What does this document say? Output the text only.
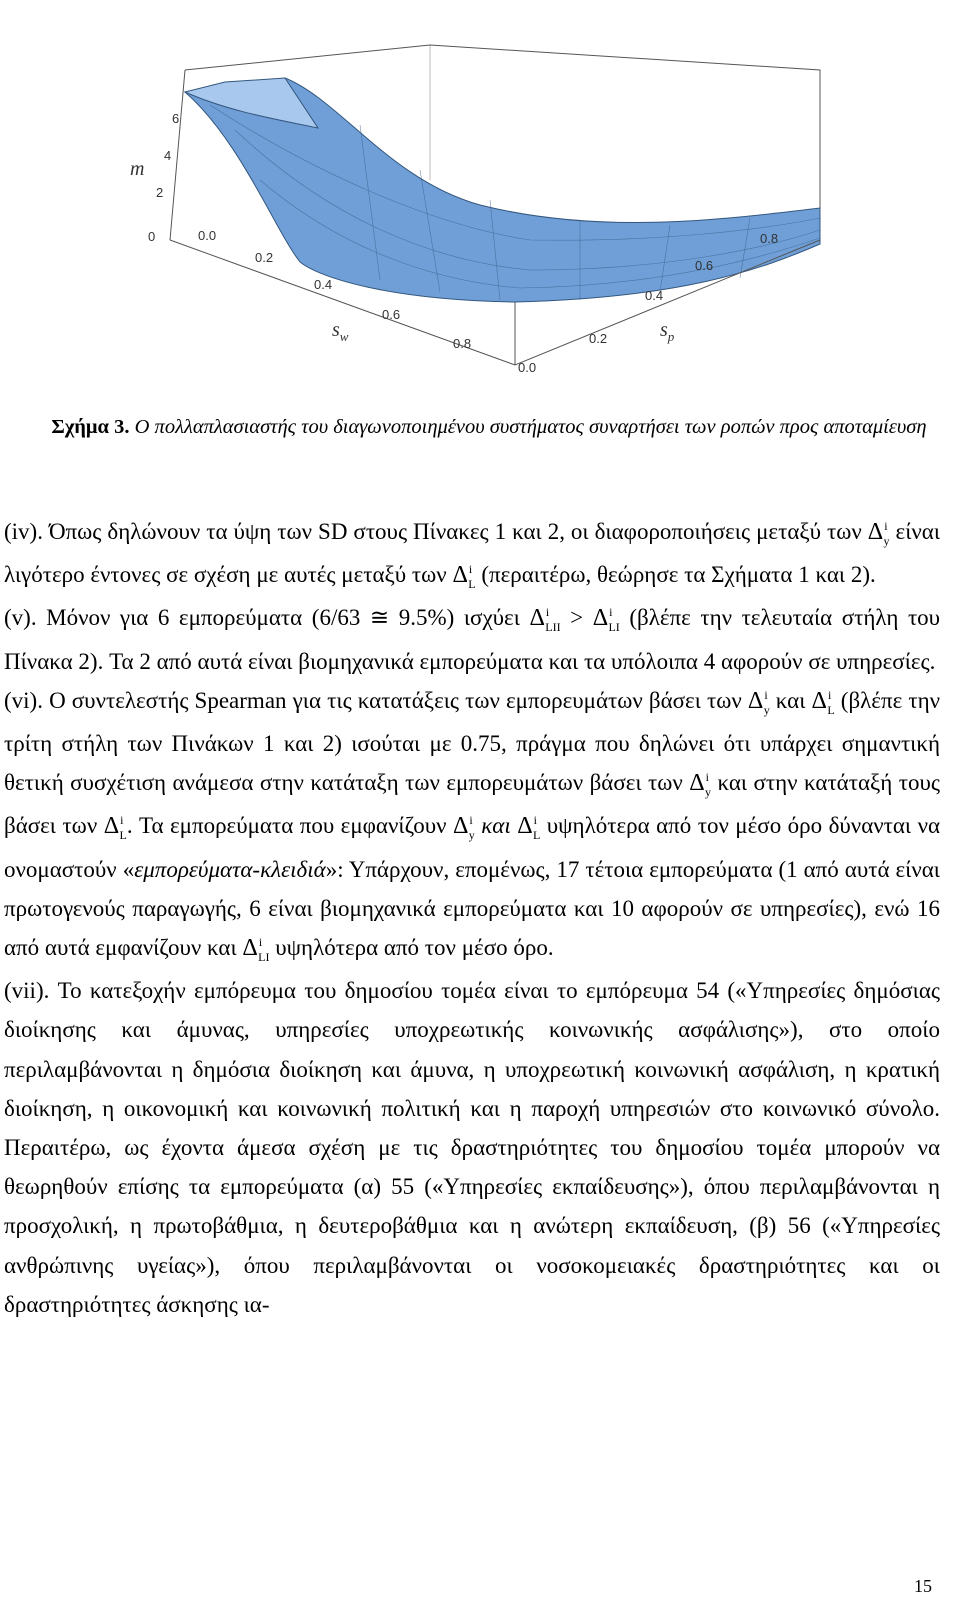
0
2
4
6
m
0.0
0.2
0.4
0.6
0.8
$s_w$
0.0
0.2
0.4
0.6
0.8
$s_p$
Σχήμα 3. Ο πολλαπλασιαστής του διαγωνοποιημένου συστήματος συναρτήσει των ροπών προς αποταμίευση

(iv). Όπως δηλώνουν τα ύψη των SD στους Πίνακες 1 και 2, οι διαφοροποιήσεις μεταξύ των $\Delta^i_y$ είναι λιγότερο έντονες σε σχέση με αυτές μεταξύ των $\Delta^i_L$ (περαιτέρω, θεώρησε τα Σχήματα 1 και 2).

(v). Μόνον για 6 εμπορεύματα (6/63 ≅ 9.5%) ισχύει $\Delta^i_{LII} > \Delta^i_{LI}$ (βλέπε την τελευταία στήλη του Πίνακα 2). Τα 2 από αυτά είναι βιομηχανικά εμπορεύματα και τα υπόλοιπα 4 αφορούν σε υπηρεσίες.

(vi). Ο συντελεστής Spearman για τις κατατάξεις των εμπορευμάτων βάσει των $\Delta^i_y$ και $\Delta^i_L$ (βλέπε την τρίτη στήλη των Πινάκων 1 και 2) ισούται με 0.75, πράγμα που δηλώνει ότι υπάρχει σημαντική θετική συσχέτιση ανάμεσα στην κατάταξη των εμπορευμάτων βάσει των $\Delta^i_y$ και στην κατάταξή τους βάσει των $\Delta^i_L$. Τα εμπορεύματα που εμφανίζουν $\Delta^i_y$ και $\Delta^i_L$ υψηλότερα από τον μέσο όρο δύνανται να ονομαστούν «εμπορεύματα-κλειδιά»: Υπάρχουν, επομένως, 17 τέτοια εμπορεύματα (1 από αυτά είναι πρωτογενούς παραγωγής, 6 είναι βιομηχανικά εμπορεύματα και 10 αφορούν σε υπηρεσίες), ενώ 16 από αυτά εμφανίζουν και $\Delta^i_{LI}$ υψηλότερα από τον μέσο όρο.

(vii). Το κατεξοχήν εμπόρευμα του δημοσίου τομέα είναι το εμπόρευμα 54 («Υπηρεσίες δημόσιας διοίκησης και άμυνας, υπηρεσίες υποχρεωτικής κοινωνικής ασφάλισης»), στο οποίο περιλαμβάνονται η δημόσια διοίκηση και άμυνα, η υποχρεωτική κοινωνική ασφάλιση, η κρατική διοίκηση, η οικονομική και κοινωνική πολιτική και η παροχή υπηρεσιών στο κοινωνικό σύνολο. Περαιτέρω, ως έχοντα άμεσα σχέση με τις δραστηριότητες του δημοσίου τομέα μπορούν να θεωρηθούν επίσης τα εμπορεύματα (α) 55 («Υπηρεσίες εκπαίδευσης»), όπου περιλαμβάνονται η προσχολική, η πρωτοβάθμια, η δευτεροβάθμια και η ανώτερη εκπαίδευση, (β) 56 («Υπηρεσίες ανθρώπινης υγείας»), όπου περιλαμβάνονται οι νοσοκομειακές δραστηριότητες και οι δραστηριότητες άσκησης ια-

15
